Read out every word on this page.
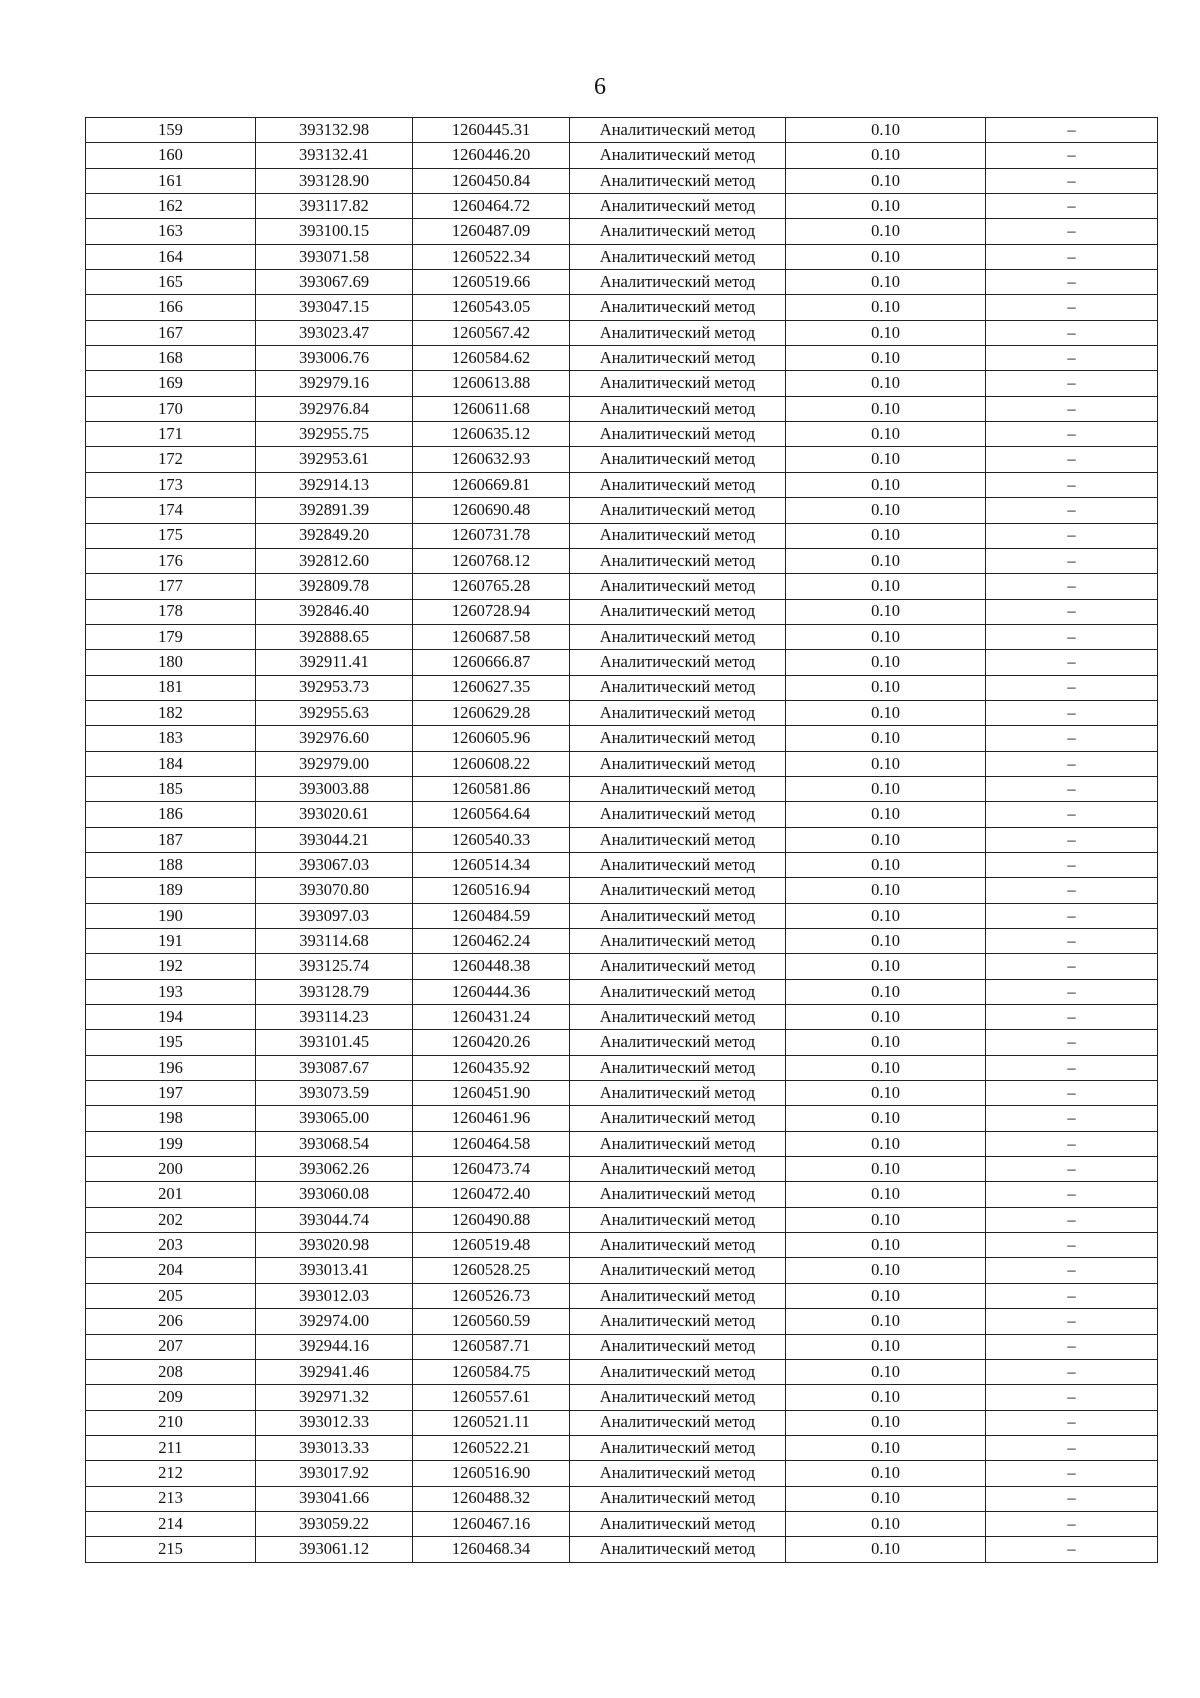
6
159	393132.98	1260445.31	Аналитический метод	0.10	–
160	393132.41	1260446.20	Аналитический метод	0.10	–
161	393128.90	1260450.84	Аналитический метод	0.10	–
162	393117.82	1260464.72	Аналитический метод	0.10	–
163	393100.15	1260487.09	Аналитический метод	0.10	–
164	393071.58	1260522.34	Аналитический метод	0.10	–
165	393067.69	1260519.66	Аналитический метод	0.10	–
166	393047.15	1260543.05	Аналитический метод	0.10	–
167	393023.47	1260567.42	Аналитический метод	0.10	–
168	393006.76	1260584.62	Аналитический метод	0.10	–
169	392979.16	1260613.88	Аналитический метод	0.10	–
170	392976.84	1260611.68	Аналитический метод	0.10	–
171	392955.75	1260635.12	Аналитический метод	0.10	–
172	392953.61	1260632.93	Аналитический метод	0.10	–
173	392914.13	1260669.81	Аналитический метод	0.10	–
174	392891.39	1260690.48	Аналитический метод	0.10	–
175	392849.20	1260731.78	Аналитический метод	0.10	–
176	392812.60	1260768.12	Аналитический метод	0.10	–
177	392809.78	1260765.28	Аналитический метод	0.10	–
178	392846.40	1260728.94	Аналитический метод	0.10	–
179	392888.65	1260687.58	Аналитический метод	0.10	–
180	392911.41	1260666.87	Аналитический метод	0.10	–
181	392953.73	1260627.35	Аналитический метод	0.10	–
182	392955.63	1260629.28	Аналитический метод	0.10	–
183	392976.60	1260605.96	Аналитический метод	0.10	–
184	392979.00	1260608.22	Аналитический метод	0.10	–
185	393003.88	1260581.86	Аналитический метод	0.10	–
186	393020.61	1260564.64	Аналитический метод	0.10	–
187	393044.21	1260540.33	Аналитический метод	0.10	–
188	393067.03	1260514.34	Аналитический метод	0.10	–
189	393070.80	1260516.94	Аналитический метод	0.10	–
190	393097.03	1260484.59	Аналитический метод	0.10	–
191	393114.68	1260462.24	Аналитический метод	0.10	–
192	393125.74	1260448.38	Аналитический метод	0.10	–
193	393128.79	1260444.36	Аналитический метод	0.10	–
194	393114.23	1260431.24	Аналитический метод	0.10	–
195	393101.45	1260420.26	Аналитический метод	0.10	–
196	393087.67	1260435.92	Аналитический метод	0.10	–
197	393073.59	1260451.90	Аналитический метод	0.10	–
198	393065.00	1260461.96	Аналитический метод	0.10	–
199	393068.54	1260464.58	Аналитический метод	0.10	–
200	393062.26	1260473.74	Аналитический метод	0.10	–
201	393060.08	1260472.40	Аналитический метод	0.10	–
202	393044.74	1260490.88	Аналитический метод	0.10	–
203	393020.98	1260519.48	Аналитический метод	0.10	–
204	393013.41	1260528.25	Аналитический метод	0.10	–
205	393012.03	1260526.73	Аналитический метод	0.10	–
206	392974.00	1260560.59	Аналитический метод	0.10	–
207	392944.16	1260587.71	Аналитический метод	0.10	–
208	392941.46	1260584.75	Аналитический метод	0.10	–
209	392971.32	1260557.61	Аналитический метод	0.10	–
210	393012.33	1260521.11	Аналитический метод	0.10	–
211	393013.33	1260522.21	Аналитический метод	0.10	–
212	393017.92	1260516.90	Аналитический метод	0.10	–
213	393041.66	1260488.32	Аналитический метод	0.10	–
214	393059.22	1260467.16	Аналитический метод	0.10	–
215	393061.12	1260468.34	Аналитический метод	0.10	–
